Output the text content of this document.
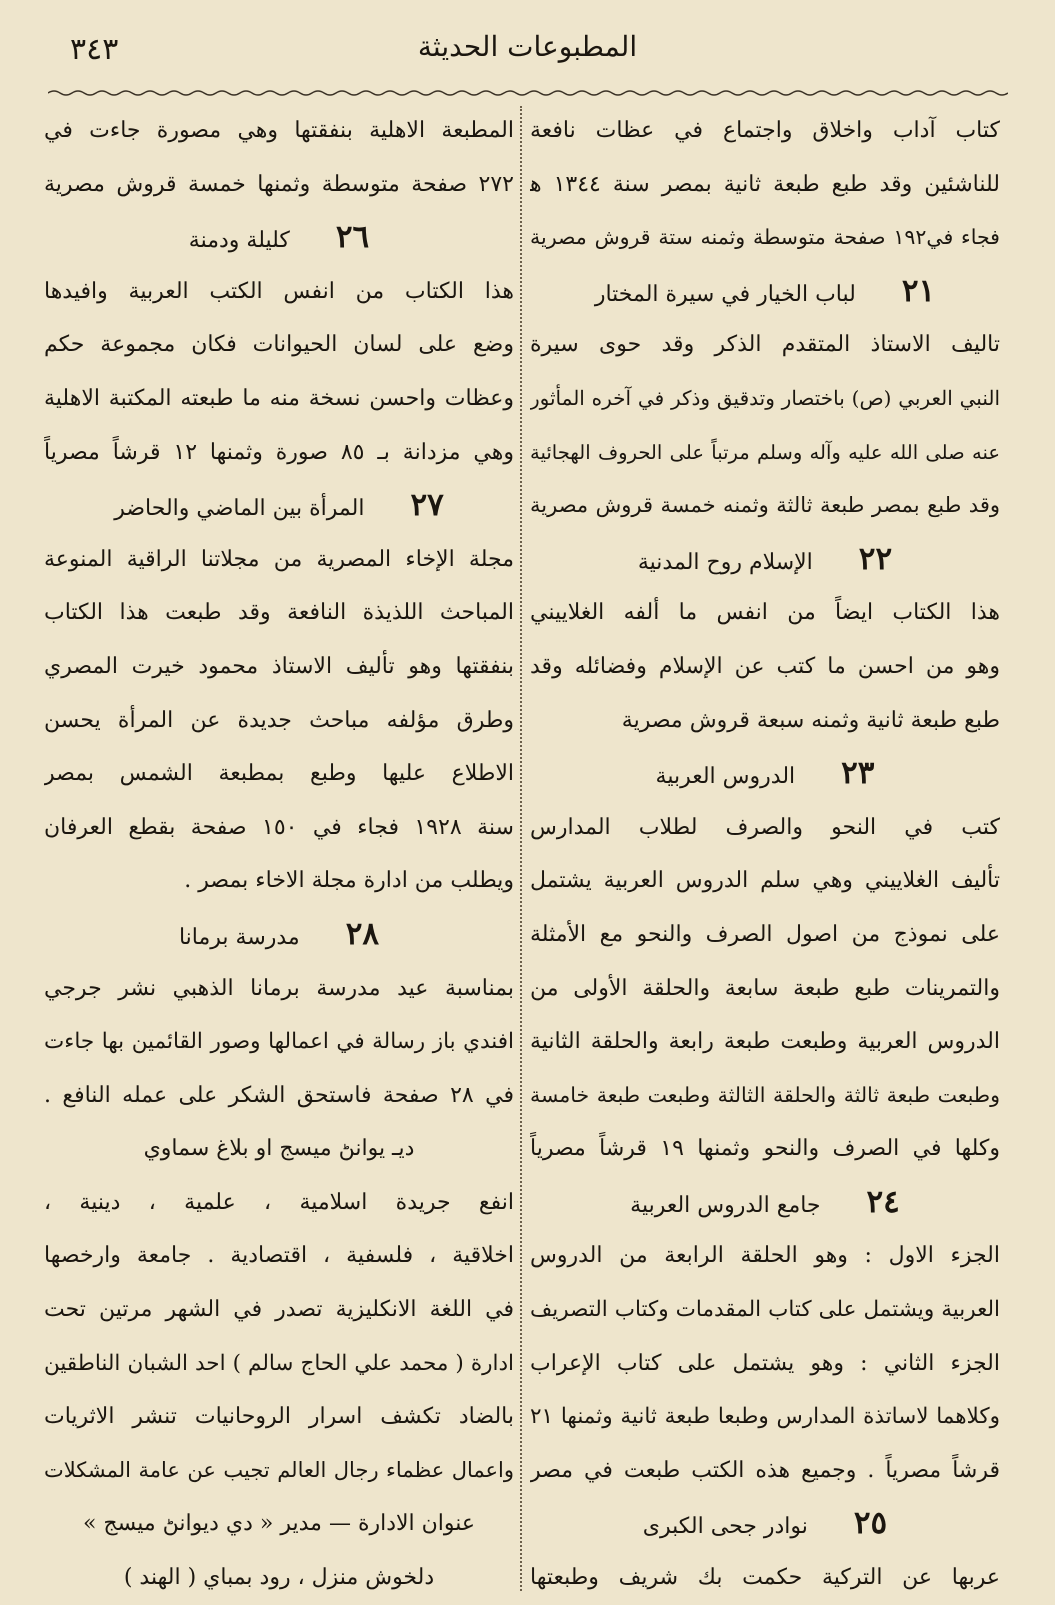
٣٤٣	المطبوعات الحديثة
كتاب آداب واخلاق واجتماع في عظات نافعة
للناشئين وقد طبع طبعة ثانية بمصر سنة ١٣٤٤ ﻫ
فجاء في١٩٢ صفحة متوسطة وثمنه ستة قروش مصرية
٢١لباب الخيار في سيرة المختار
تاليف الاستاذ المتقدم الذكر وقد حوى سيرة
النبي العربي (ص) باختصار وتدقيق وذكر في آخره المأثور
عنه صلى الله عليه وآله وسلم مرتباً على الحروف الهجائية
وقد طبع بمصر طبعة ثالثة وثمنه خمسة قروش مصرية
٢٢الإسلام روح المدنية
هذا الكتاب ايضاً من انفس ما ألفه الغلاييني
وهو من احسن ما كتب عن الإسلام وفضائله وقد
طبع طبعة ثانية وثمنه سبعة قروش مصرية
٢٣الدروس العربية
كتب في النحو والصرف لطلاب المدارس
تأليف الغلاييني وهي سلم الدروس العربية يشتمل
على نموذج من اصول الصرف والنحو مع الأمثلة
والتمرينات طبع طبعة سابعة والحلقة الأولى من
الدروس العربية وطبعت طبعة رابعة والحلقة الثانية
وطبعت طبعة ثالثة والحلقة الثالثة وطبعت طبعة خامسة
وكلها في الصرف والنحو وثمنها ١٩ قرشاً مصرياً
٢٤جامع الدروس العربية
الجزء الاول : وهو الحلقة الرابعة من الدروس
العربية ويشتمل على كتاب المقدمات وكتاب التصريف
الجزء الثاني : وهو يشتمل على كتاب الإعراب
وكلاهما لاساتذة المدارس وطبعا طبعة ثانية وثمنها ٢١
قرشاً مصرياً . وجميع هذه الكتب طبعت في مصر
٢٥نوادر جحى الكبرى
عربها عن التركية حكمت بك شريف وطبعتها
المطبعة الاهلية بنفقتها وهي مصورة جاءت في
٢٧٢ صفحة متوسطة وثمنها خمسة قروش مصرية
٢٦كليلة ودمنة
هذا الكتاب من انفس الكتب العربية وافيدها
وضع على لسان الحيوانات فكان مجموعة حكم
وعظات واحسن نسخة منه ما طبعته المكتبة الاهلية
وهي مزدانة بـ ٨٥ صورة وثمنها ١٢ قرشاً مصرياً
٢٧المرأة بين الماضي والحاضر
مجلة الإخاء المصرية من مجلاتنا الراقية المنوعة
المباحث اللذيذة النافعة وقد طبعت هذا الكتاب
بنفقتها وهو تأليف الاستاذ محمود خيرت المصري
وطرق مؤلفه مباحث جديدة عن المرأة يحسن
الاطلاع عليها وطبع بمطبعة الشمس بمصر
سنة ١٩٢٨ فجاء في ١٥٠ صفحة بقطع العرفان
ويطلب من ادارة مجلة الاخاء بمصر .
٢٨مدرسة برمانا
بمناسبة عيد مدرسة برمانا الذهبي نشر جرجي
افندي باز رسالة في اعمالها وصور القائمين بها جاءت
في ٢٨ صفحة فاستحق الشكر على عمله النافع .
ديـ يوانڻ ميسج او بلاغ سماوي
انفع جريدة اسلامية ، علمية ، دينية ،
اخلاقية ، فلسفية ، اقتصادية . جامعة وارخصها
في اللغة الانكليزية تصدر في الشهر مرتين تحت
ادارة ( محمد علي الحاج سالم ) احد الشبان الناطقين
بالضاد تكشف اسرار الروحانيات تنشر الاثريات
واعمال عظماء رجال العالم تجيب عن عامة المشكلات
عنوان الادارة — مدير « دي ديوانڻ ميسج »
دلخوش منزل ، رود بمباي ( الهند )
